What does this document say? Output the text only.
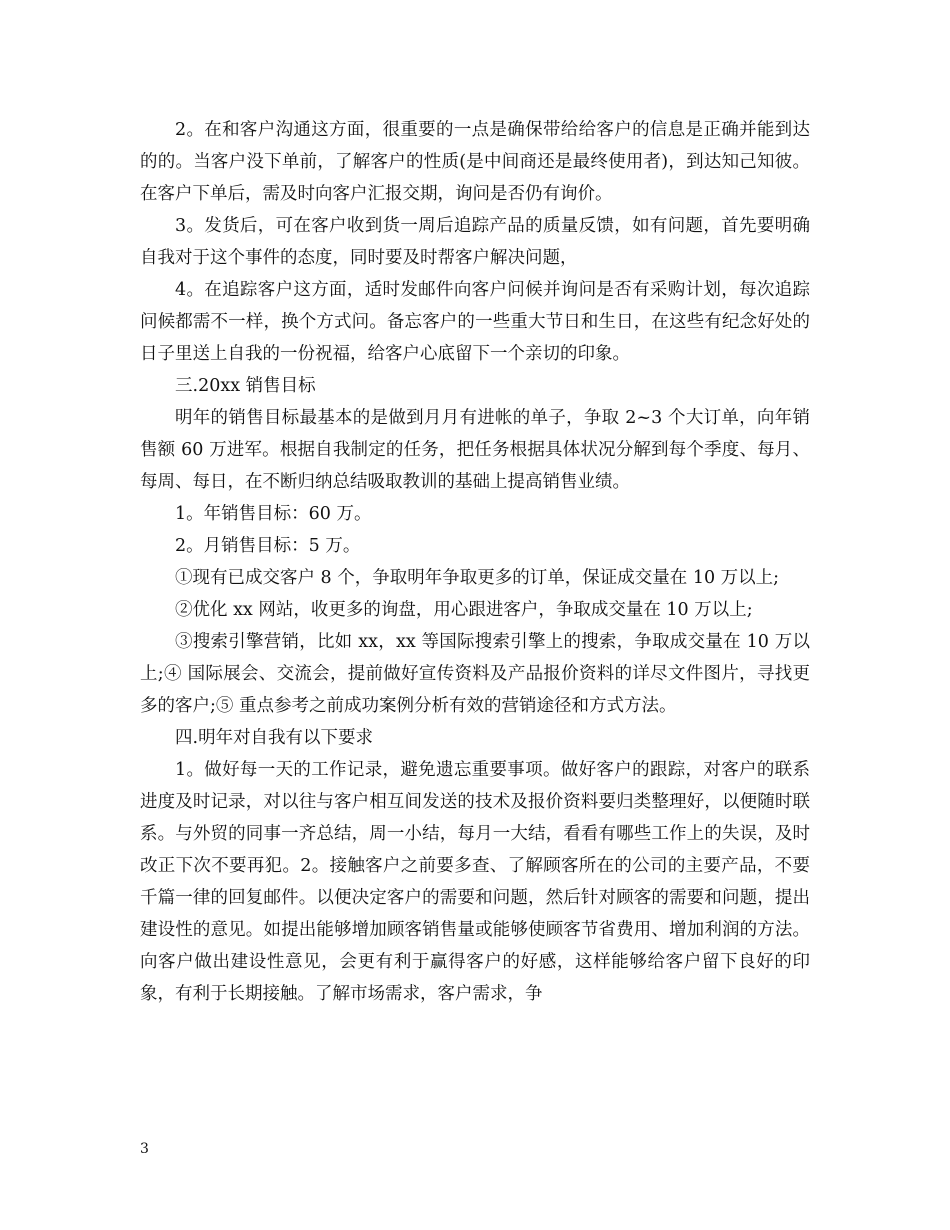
2。在和客户沟通这方面，很重要的一点是确保带给给客户的信息是正确并能到达的的。当客户没下单前，了解客户的性质(是中间商还是最终使用者)，到达知己知彼。在客户下单后，需及时向客户汇报交期，询问是否仍有询价。

3。发货后，可在客户收到货一周后追踪产品的质量反馈，如有问题，首先要明确自我对于这个事件的态度，同时要及时帮客户解决问题，

4。在追踪客户这方面，适时发邮件向客户问候并询问是否有采购计划，每次追踪问候都需不一样，换个方式问。备忘客户的一些重大节日和生日，在这些有纪念好处的日子里送上自我的一份祝福，给客户心底留下一个亲切的印象。

三.20xx 销售目标

明年的销售目标最基本的是做到月月有进帐的单子，争取 2~3 个大订单，向年销售额 60 万进军。根据自我制定的任务，把任务根据具体状况分解到每个季度、每月、每周、每日，在不断归纳总结吸取教训的基础上提高销售业绩。

1。年销售目标：60 万。

2。月销售目标：5 万。

①现有已成交客户 8 个，争取明年争取更多的订单，保证成交量在 10 万以上;

②优化 xx 网站，收更多的询盘，用心跟进客户，争取成交量在 10 万以上;

③搜索引擎营销，比如 xx，xx 等国际搜索引擎上的搜索，争取成交量在 10 万以上;④ 国际展会、交流会，提前做好宣传资料及产品报价资料的详尽文件图片，寻找更多的客户;⑤ 重点参考之前成功案例分析有效的营销途径和方式方法。

四.明年对自我有以下要求

1。做好每一天的工作记录，避免遗忘重要事项。做好客户的跟踪，对客户的联系进度及时记录，对以往与客户相互间发送的技术及报价资料要归类整理好，以便随时联系。与外贸的同事一齐总结，周一小结，每月一大结，看看有哪些工作上的失误，及时改正下次不要再犯。2。接触客户之前要多查、了解顾客所在的公司的主要产品，不要千篇一律的回复邮件。以便决定客户的需要和问题，然后针对顾客的需要和问题，提出建设性的意见。如提出能够增加顾客销售量或能够使顾客节省费用、增加利润的方法。向客户做出建设性意见，会更有利于赢得客户的好感，这样能够给客户留下良好的印象，有利于长期接触。了解市场需求，客户需求，争

3
